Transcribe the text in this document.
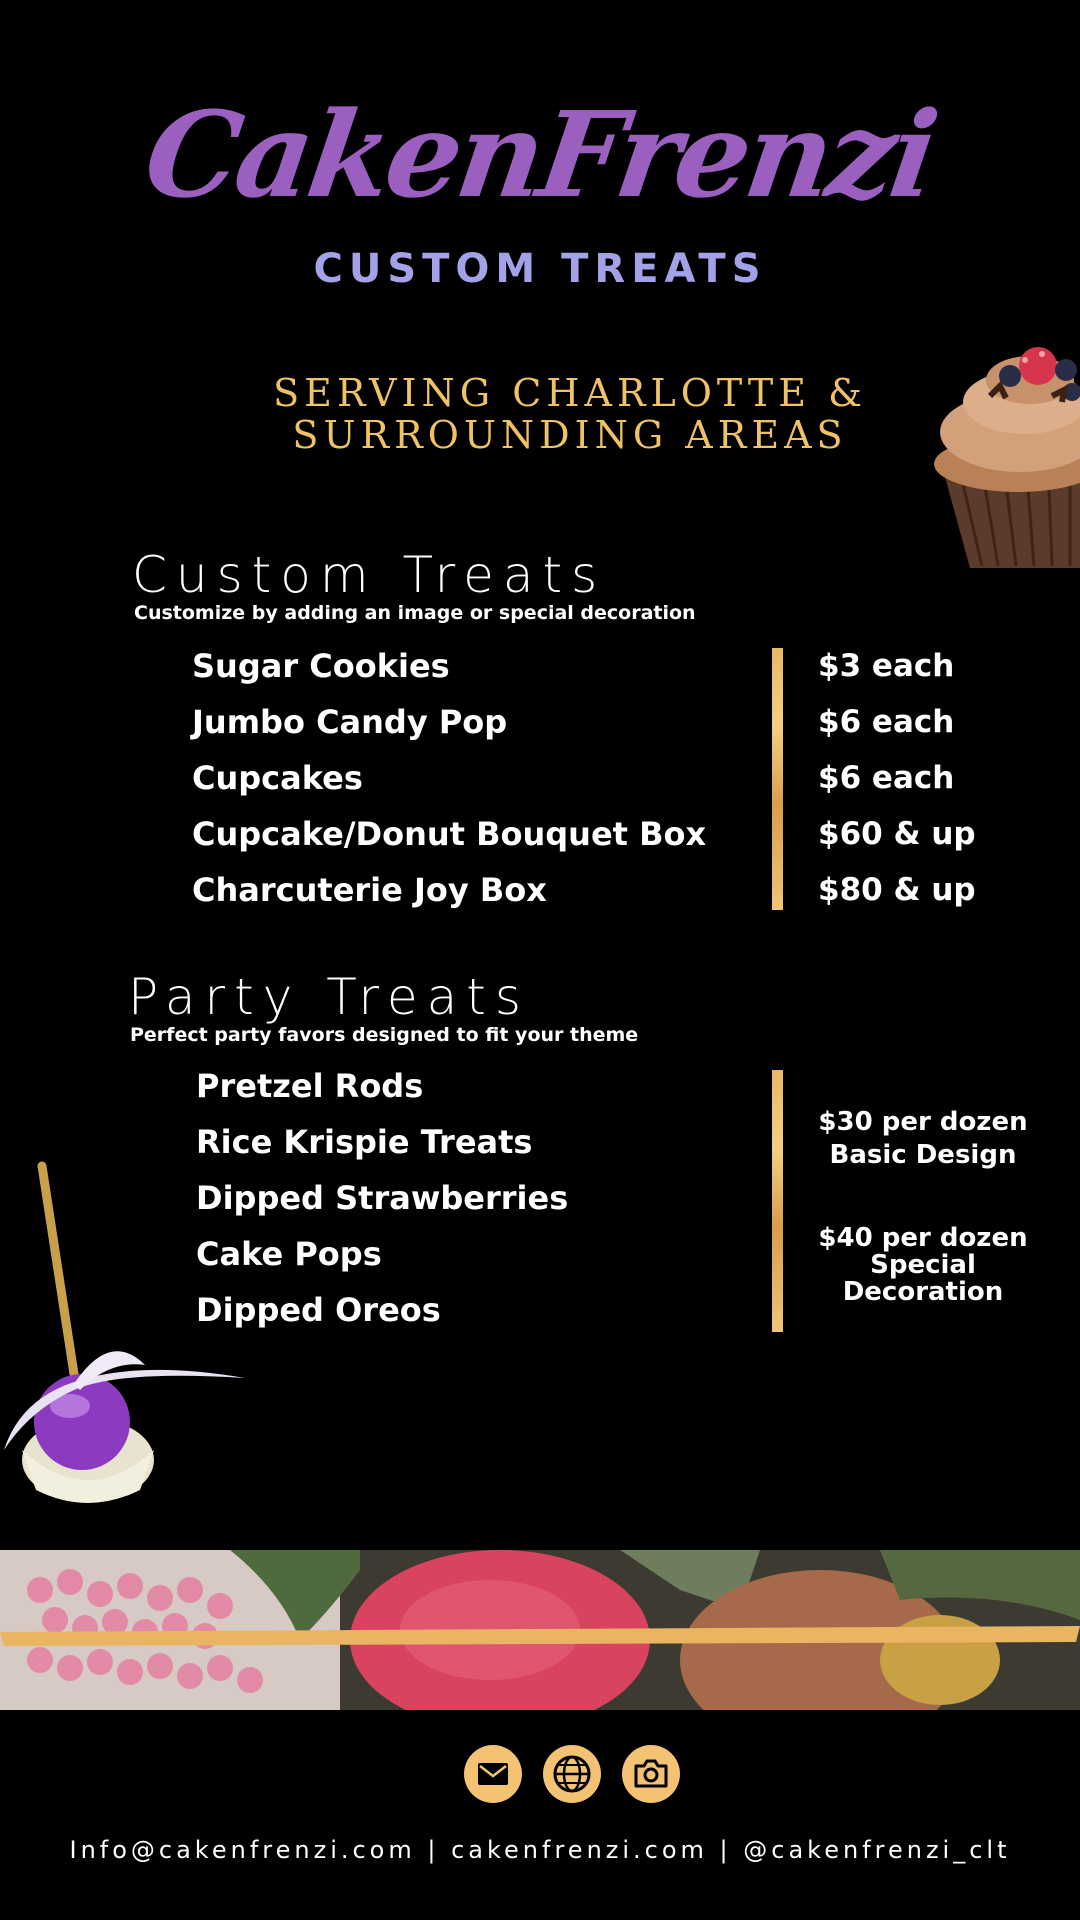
CakenFrenzi
CUSTOM TREATS
SERVING CHARLOTTE &
SURROUNDING AREAS
Custom Treats
Customize by adding an image or special decoration
Sugar Cookies
Jumbo Candy Pop
Cupcakes
Cupcake/Donut Bouquet Box
Charcuterie Joy Box
$3 each
$6 each
$6 each
$60 & up
$80 & up
Party Treats
Perfect party favors designed to fit your theme
Pretzel Rods
Rice Krispie Treats
Dipped Strawberries
Cake Pops
Dipped Oreos
$30 per dozen
Basic Design
$40 per dozen
Special
Decoration
Info@cakenfrenzi.com | cakenfrenzi.com | @cakenfrenzi_clt
